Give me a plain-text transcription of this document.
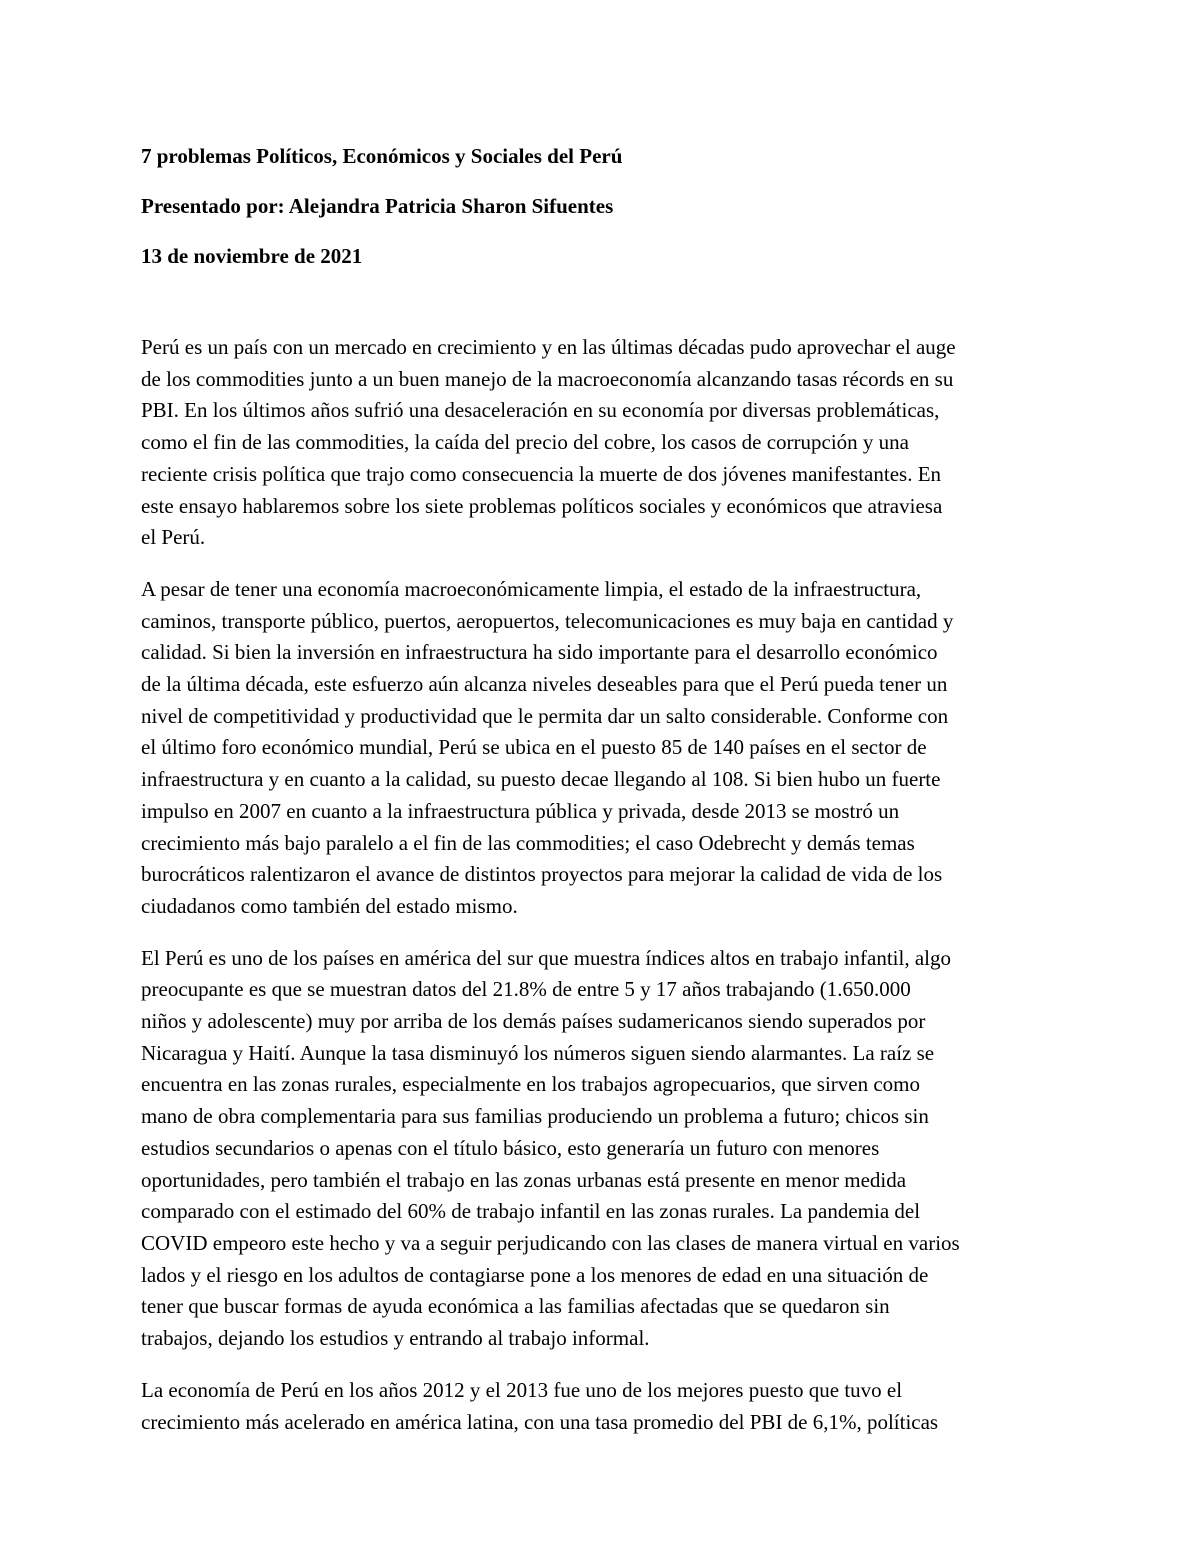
7 problemas Políticos, Económicos y Sociales del Perú
Presentado por: Alejandra Patricia Sharon Sifuentes
13 de noviembre de 2021
Perú es un país con un mercado en crecimiento y en las últimas décadas pudo aprovechar el auge
de los commodities junto a un buen manejo de la macroeconomía alcanzando tasas récords en su
PBI. En los últimos años sufrió una desaceleración en su economía por diversas problemáticas,
como el fin de las commodities, la caída del precio del cobre, los casos de corrupción y una
reciente crisis política que trajo como consecuencia la muerte de dos jóvenes manifestantes. En
este ensayo hablaremos sobre los siete problemas políticos sociales y económicos que atraviesa
el Perú.
A pesar de tener una economía macroeconómicamente limpia, el estado de la infraestructura,
caminos, transporte público, puertos, aeropuertos, telecomunicaciones es muy baja en cantidad y
calidad. Si bien la inversión en infraestructura ha sido importante para el desarrollo económico
de la última década, este esfuerzo aún alcanza niveles deseables para que el Perú pueda tener un
nivel de competitividad y productividad que le permita dar un salto considerable. Conforme con
el último foro económico mundial, Perú se ubica en el puesto 85 de 140 países en el sector de
infraestructura y en cuanto a la calidad, su puesto decae llegando al 108. Si bien hubo un fuerte
impulso en 2007 en cuanto a la infraestructura pública y privada, desde 2013 se mostró un
crecimiento más bajo paralelo a el fin de las commodities; el caso Odebrecht y demás temas
burocráticos ralentizaron el avance de distintos proyectos para mejorar la calidad de vida de los
ciudadanos como también del estado mismo.
El Perú es uno de los países en américa del sur que muestra índices altos en trabajo infantil, algo
preocupante es que se muestran datos del 21.8% de entre 5 y 17 años trabajando (1.650.000
niños y adolescente) muy por arriba de los demás países sudamericanos siendo superados por
Nicaragua y Haití. Aunque la tasa disminuyó los números siguen siendo alarmantes. La raíz se
encuentra en las zonas rurales, especialmente en los trabajos agropecuarios, que sirven como
mano de obra complementaria para sus familias produciendo un problema a futuro; chicos sin
estudios secundarios o apenas con el título básico, esto generaría un futuro con menores
oportunidades, pero también el trabajo en las zonas urbanas está presente en menor medida
comparado con el estimado del 60% de trabajo infantil en las zonas rurales. La pandemia del
COVID empeoro este hecho y va a seguir perjudicando con las clases de manera virtual en varios
lados y el riesgo en los adultos de contagiarse pone a los menores de edad en una situación de
tener que buscar formas de ayuda económica a las familias afectadas que se quedaron sin
trabajos, dejando los estudios y entrando al trabajo informal.
La economía de Perú en los años 2012 y el 2013 fue uno de los mejores puesto que tuvo el
crecimiento más acelerado en américa latina, con una tasa promedio del PBI de 6,1%, políticas
